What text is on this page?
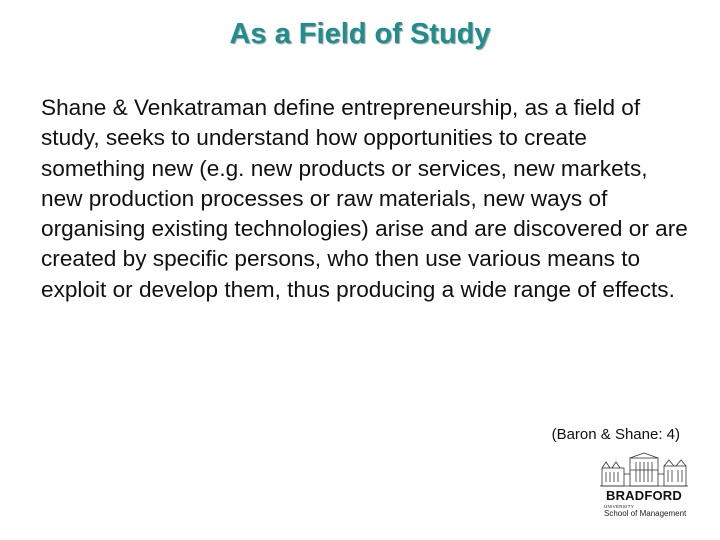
As a Field of Study

Shane & Venkatraman define entrepreneurship, as a field of study, seeks to understand how opportunities to create something new (e.g. new products or services, new markets, new production processes or raw materials, new ways of organising existing technologies) arise and are discovered or are created by specific persons, who then use various means to exploit or develop them, thus producing a wide range of effects.

(Baron & Shane: 4)
BRADFORD
UNIVERSITY
School of Management
